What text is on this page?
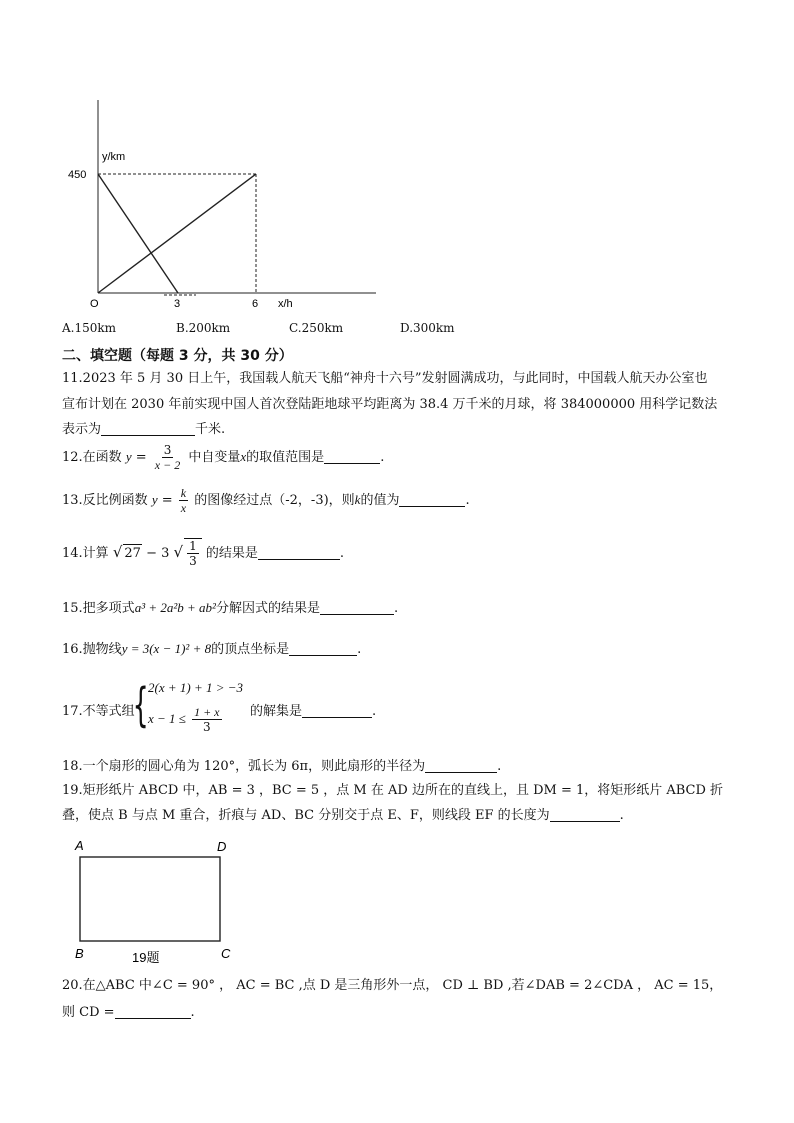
y/km
450
O	3	6 x/h
A.150km	B.200km	C.250km	D.300km
二、填空题（每题 3 分，共 30 分）
11.2023 年 5 月 30 日上午，我国载人航天飞船“神舟十六号”发射圆满成功，与此同时，中国载人航天办公室也
宣布计划在 2030 年前实现中国人首次登陆距地球平均距离为 38.4 万千米的月球，将 384000000 用科学记数法
表示为	千米.
12.在函数 $y = \frac{3}{x - 2}$ 中自变量x的取值范围是	.
13.反比例函数 $y = \frac{k}{x}$ 的图像经过点（-2，-3)，则k的值为	.
14.计算 √ 27 − 3 √ $\frac{1}{3}$ 的结果是	.
15.把多项式a³ + 2a²b + ab²分解因式的结果是	.
16.抛物线y = 3(x − 1)² + 8的顶点坐标是	.
17.不等式组
{ 2(x + 1) + 1 > −3
$x - 1 \le \frac{1 + x}{3}$ 的解集是	.
18.一个扇形的圆心角为 120°，弧长为 6π，则此扇形的半径为	.
19.矩形纸片 ABCD 中，AB = 3 ，BC = 5 ，点 M 在 AD 边所在的直线上，且 DM = 1，将矩形纸片 ABCD 折
叠，使点 B 与点 M 重合，折痕与 AD、BC 分别交于点 E、F，则线段 EF 的长度为	.
A	D
B	C
19题
20.在△ABC 中∠C = 90° ， AC = BC ,点 D 是三角形外一点， CD ⊥ BD ,若∠DAB = 2∠CDA ， AC = 15，
则 CD =	.
